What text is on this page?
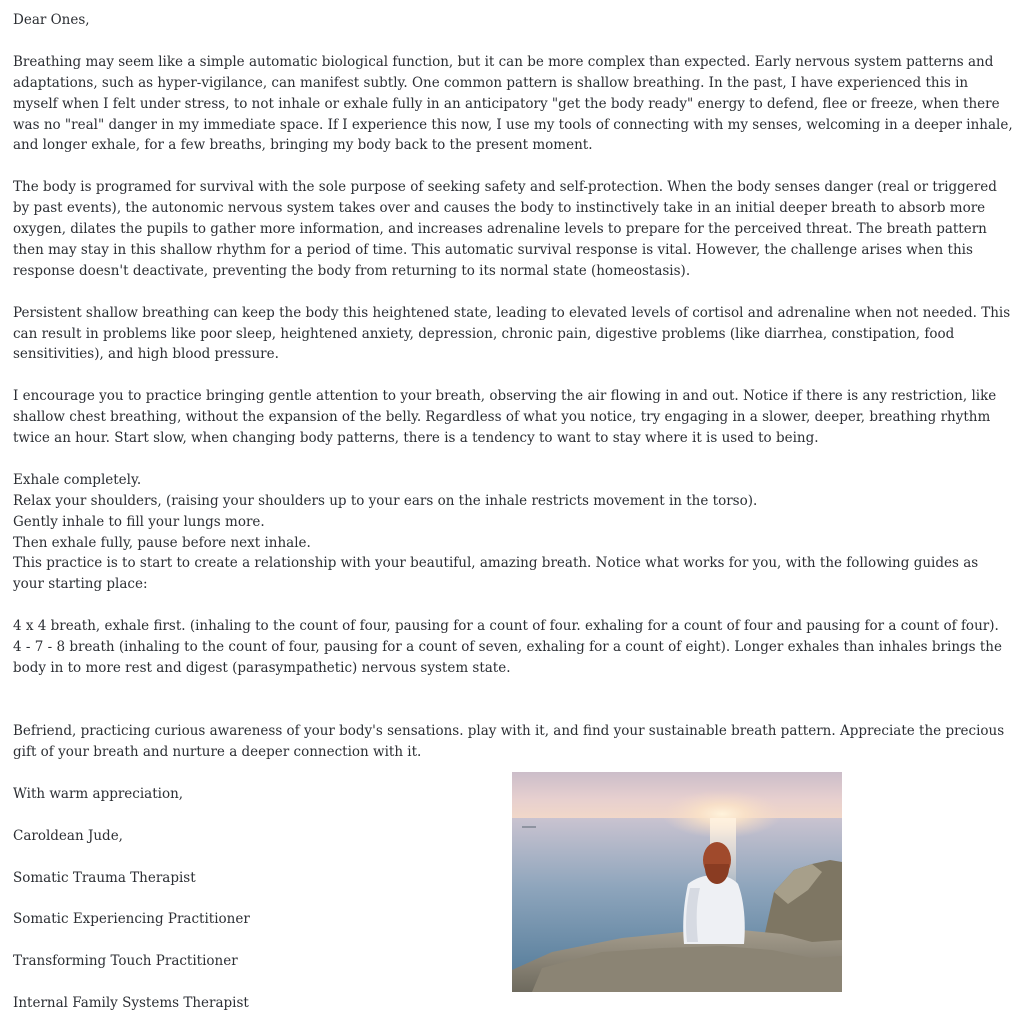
Dear Ones,

Breathing may seem like a simple automatic biological function, but it can be more complex than expected. Early nervous system patterns and adaptations, such as hyper-vigilance, can manifest subtly. One common pattern is shallow breathing. In the past, I have experienced this in myself when I felt under stress, to not inhale or exhale fully in an anticipatory "get the body ready" energy to defend, flee or freeze, when there was no "real" danger in my immediate space. If I experience this now, I use my tools of connecting with my senses, welcoming in a deeper inhale, and longer exhale, for a few breaths, bringing my body back to the present moment.

The body is programed for survival with the sole purpose of seeking safety and self-protection. When the body senses danger (real or triggered by past events), the autonomic nervous system takes over and causes the body to instinctively take in an initial deeper breath to absorb more oxygen, dilates the pupils to gather more information, and increases adrenaline levels to prepare for the perceived threat. The breath pattern then may stay in this shallow rhythm for a period of time. This automatic survival response is vital. However, the challenge arises when this response doesn't deactivate, preventing the body from returning to its normal state (homeostasis).

Persistent shallow breathing can keep the body this heightened state, leading to elevated levels of cortisol and adrenaline when not needed. This can result in problems like poor sleep, heightened anxiety, depression, chronic pain, digestive problems (like diarrhea, constipation, food sensitivities), and high blood pressure.

I encourage you to practice bringing gentle attention to your breath, observing the air flowing in and out. Notice if there is any restriction, like shallow chest breathing, without the expansion of the belly. Regardless of what you notice, try engaging in a slower, deeper, breathing rhythm twice an hour. Start slow, when changing body patterns, there is a tendency to want to stay where it is used to being.

Exhale completely.

Relax your shoulders, (raising your shoulders up to your ears on the inhale restricts movement in the torso).

Gently inhale to fill your lungs more.

Then exhale fully, pause before next inhale.

This practice is to start to create a relationship with your beautiful, amazing breath. Notice what works for you, with the following guides as your starting place:

4 x 4 breath, exhale first. (inhaling to the count of four, pausing for a count of four. exhaling for a count of four and pausing for a count of four).

4 - 7 - 8 breath (inhaling to the count of four, pausing for a count of seven, exhaling for a count of eight). Longer exhales than inhales brings the body in to more rest and digest (parasympathetic) nervous system state.

Befriend, practicing curious awareness of your body's sensations. play with it, and find your sustainable breath pattern. Appreciate the precious gift of your breath and nurture a deeper connection with it.

With warm appreciation,

Caroldean Jude,

Somatic Trauma Therapist

Somatic Experiencing Practitioner

Transforming Touch Practitioner

Internal Family Systems Therapist
